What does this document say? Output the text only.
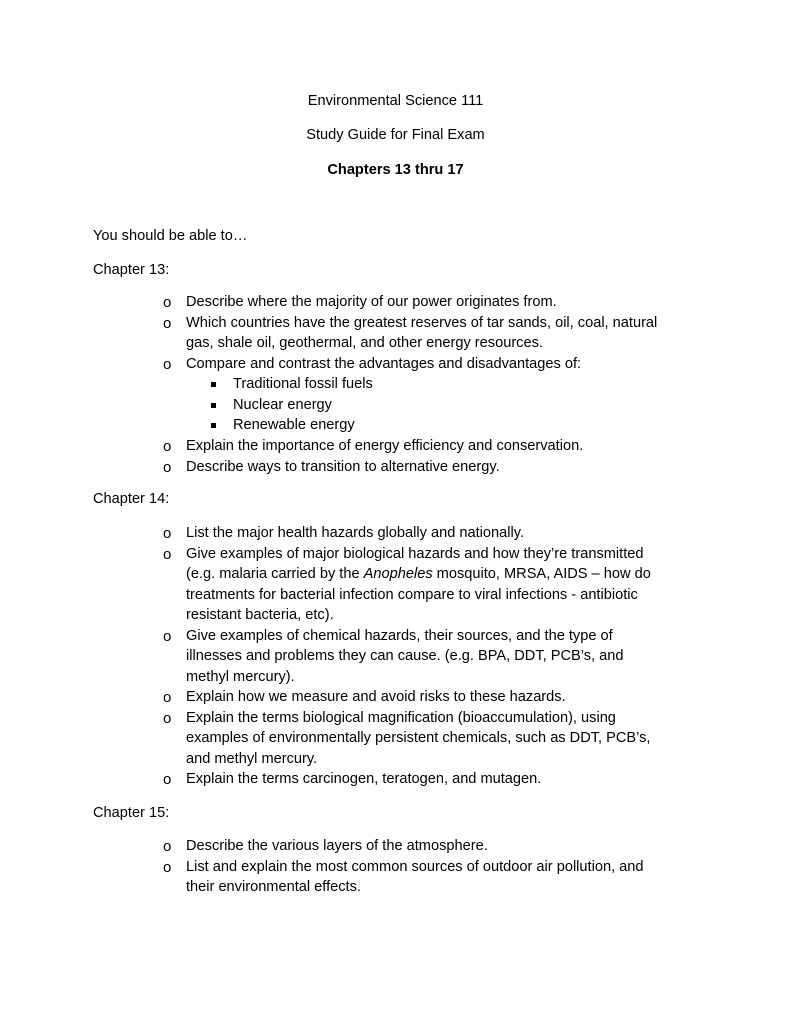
Environmental Science 111
Study Guide for Final Exam
Chapters 13 thru 17
You should be able to…
Chapter 13:
o Describe where the majority of our power originates from.
o Which countries have the greatest reserves of tar sands, oil, coal, natural
gas, shale oil, geothermal, and other energy resources.
o Compare and contrast the advantages and disadvantages of:
Traditional fossil fuels
Nuclear energy
Renewable energy
o Explain the importance of energy efficiency and conservation.
o Describe ways to transition to alternative energy.
Chapter 14:
o List the major health hazards globally and nationally.
o Give examples of major biological hazards and how they’re transmitted
(e.g. malaria carried by the Anopheles mosquito, MRSA, AIDS – how do
treatments for bacterial infection compare to viral infections - antibiotic
resistant bacteria, etc).
o Give examples of chemical hazards, their sources, and the type of
illnesses and problems they can cause. (e.g. BPA, DDT, PCB’s, and
methyl mercury).
o Explain how we measure and avoid risks to these hazards.
o Explain the terms biological magnification (bioaccumulation), using
examples of environmentally persistent chemicals, such as DDT, PCB’s,
and methyl mercury.
o Explain the terms carcinogen, teratogen, and mutagen.
Chapter 15:
o Describe the various layers of the atmosphere.
o List and explain the most common sources of outdoor air pollution, and
their environmental effects.
